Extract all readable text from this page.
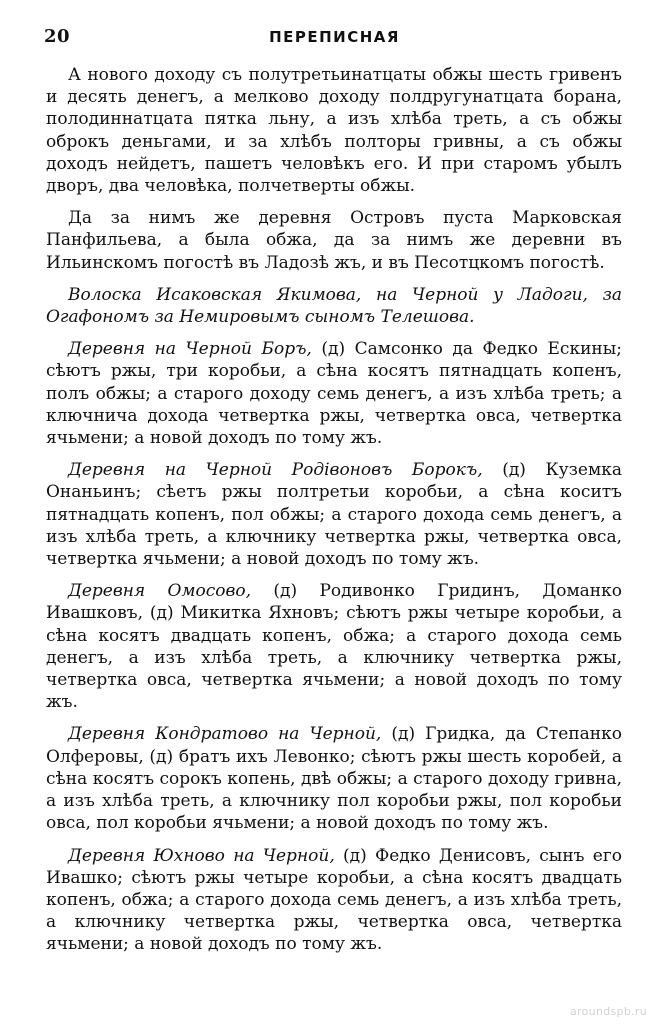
20	ПЕРЕПИСНАЯ

А нового доходу съ полутретьинатцаты обжы шесть гривенъ и десять денегъ, а мелково доходу полдругунатцата борана, полодиннатцата пятка льну, а изъ хлѣба треть, а съ обжы оброкъ деньгами, и за хлѣбъ полторы гривны, а съ обжы доходъ нейдетъ, пашетъ человѣкъ его. И при старомъ убылъ дворъ, два человѣка, полчетверты обжы.

Да за нимъ же деревня Островъ пуста Марковская Панфильева, а была обжа, да за нимъ же деревни въ Ильинскомъ погостѣ въ Ладозѣ жъ, и въ Песотцкомъ погостѣ.

Волоска Исаковская Якимова, на Черной у Ладоги, за Огафономъ за Немировымъ сыномъ Телешова.

Деревня на Черной Боръ, (д) Самсонко да Федко Ескины; сѣютъ ржы, три коробьи, а сѣна косятъ пятнадцать копенъ, полъ обжы; а старого доходу семь денегъ, а изъ хлѣба треть; а ключнича дохода четвертка ржы, четвертка овса, четвертка ячьмени; а новой доходъ по тому жъ.

Деревня на Черной Родівоновъ Борокъ, (д) Куземка Онаньинъ; сѣетъ ржы полтретьи коробьи, а сѣна коситъ пятнадцать копенъ, пол обжы; а старого дохода семь денегъ, а изъ хлѣба треть, а ключнику четвертка ржы, четвертка овса, четвертка ячьмени; а новой доходъ по тому жъ.

Деревня Омосово, (д) Родивонко Гридинъ, Доманко Ивашковъ, (д) Микитка Яхновъ; сѣютъ ржы четыре коробьи, а сѣна косятъ двадцать копенъ, обжа; а старого дохода семь денегъ, а изъ хлѣба треть, а ключнику четвертка ржы, четвертка овса, четвертка ячьмени; а новой доходъ по тому жъ.

Деревня Кондратово на Черной, (д) Гридка, да Степанко Олферовы, (д) братъ ихъ Левонко; сѣютъ ржы шесть коробей, а сѣна косятъ сорокъ копень, двѣ обжы; а старого доходу гривна, а изъ хлѣба треть, а ключнику пол коробьи ржы, пол коробьи овса, пол коробьи ячьмени; а новой доходъ по тому жъ.

Деревня Юхново на Черной, (д) Федко Денисовъ, сынъ его Ивашко; сѣютъ ржы четыре коробьи, а сѣна косятъ двадцать копенъ, обжа; а старого дохода семь денегъ, а изъ хлѣба треть, а ключнику четвертка ржы, четвертка овса, четвертка ячьмени; а новой доходъ по тому жъ.

aroundspb.ru
